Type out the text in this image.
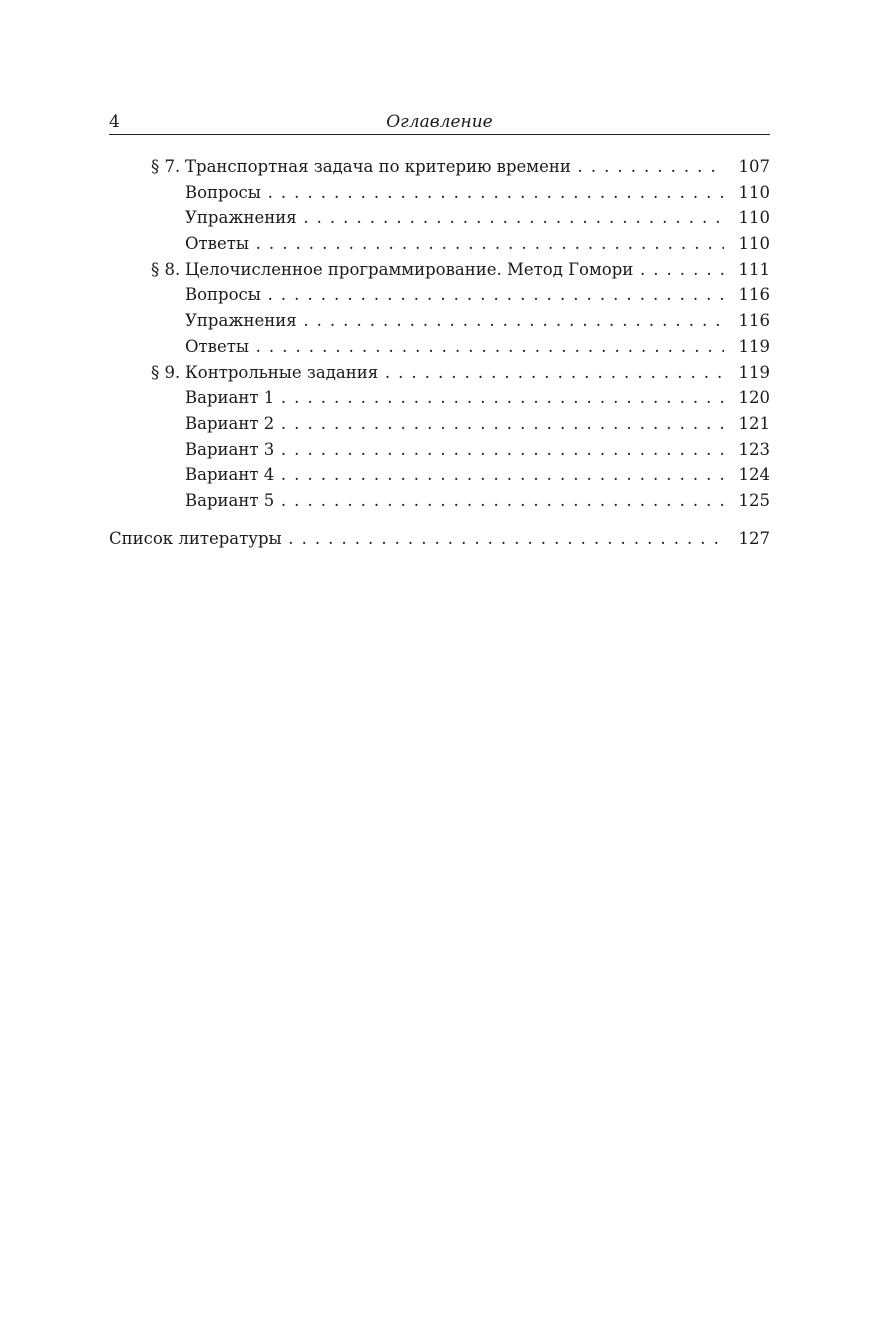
4	Оглавление
§ 7. Транспортная задача по критерию времени . . .	107
Вопросы . . .	110
Упражнения . . .	110
Ответы . . .	110
§ 8. Целочисленное программирование. Метод Гомори . . .	111
Вопросы . . .	116
Упражнения . . .	116
Ответы . . .	119
§ 9. Контрольные задания . . .	119
Вариант 1 . . .	120
Вариант 2 . . .	121
Вариант 3 . . .	123
Вариант 4 . . .	124
Вариант 5 . . .	125
Список литературы . . .	127
